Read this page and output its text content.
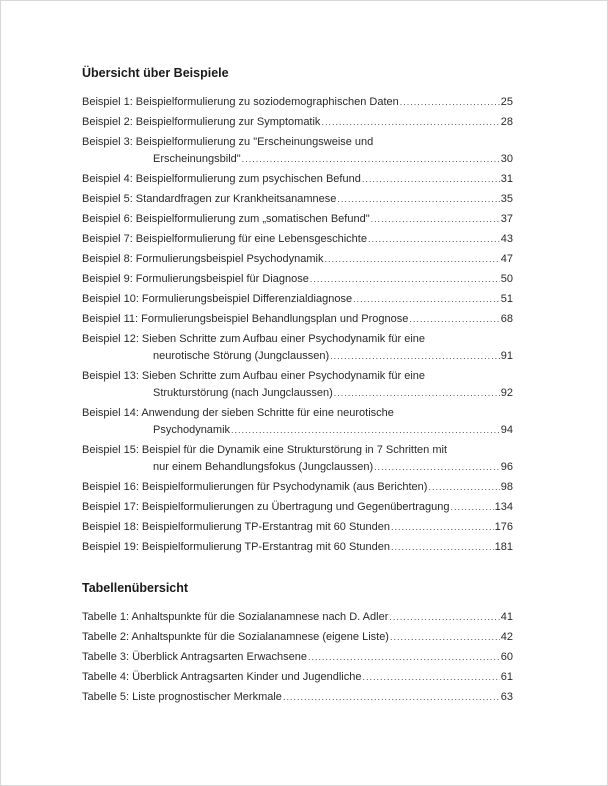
Übersicht über Beispiele
Beispiel 1: Beispielformulierung zu soziodemographischen Daten .....	25
Beispiel 2: Beispielformulierung zur Symptomatik .....	28
Beispiel 3: Beispielformulierung zu "Erscheinungsweise und
Erscheinungsbild" .....	30
Beispiel 4: Beispielformulierung zum psychischen Befund .....	31
Beispiel 5: Standardfragen zur Krankheitsanamnese .....	35
Beispiel 6: Beispielformulierung zum „somatischen Befund" .....	37
Beispiel 7: Beispielformulierung für eine Lebensgeschichte .....	43
Beispiel 8: Formulierungsbeispiel Psychodynamik .....	47
Beispiel 9: Formulierungsbeispiel für Diagnose .....	50
Beispiel 10: Formulierungsbeispiel Differenzialdiagnose .....	51
Beispiel 11: Formulierungsbeispiel Behandlungsplan und Prognose .....	68
Beispiel 12: Sieben Schritte zum Aufbau einer Psychodynamik für eine
neurotische Störung (Jungclaussen) .....	91
Beispiel 13: Sieben Schritte zum Aufbau einer Psychodynamik für eine
Strukturstörung (nach Jungclaussen) .....	92
Beispiel 14: Anwendung der sieben Schritte für eine neurotische
Psychodynamik .....	94
Beispiel 15: Beispiel für die Dynamik eine Strukturstörung in 7 Schritten mit
nur einem Behandlungsfokus (Jungclaussen) .....	96
Beispiel 16: Beispielformulierungen für Psychodynamik (aus Berichten) .....	98
Beispiel 17: Beispielformulierungen zu Übertragung und Gegenübertragung .....	134
Beispiel 18: Beispielformulierung TP-Erstantrag mit 60 Stunden .....	176
Beispiel 19: Beispielformulierung TP-Erstantrag mit 60 Stunden .....	181
Tabellenübersicht
Tabelle 1: Anhaltspunkte für die Sozialanamnese nach D. Adler .....	41
Tabelle 2: Anhaltspunkte für die Sozialanamnese (eigene Liste) .....	42
Tabelle 3: Überblick Antragsarten Erwachsene .....	60
Tabelle 4: Überblick Antragsarten Kinder und Jugendliche .....	61
Tabelle 5: Liste prognostischer Merkmale .....	63
